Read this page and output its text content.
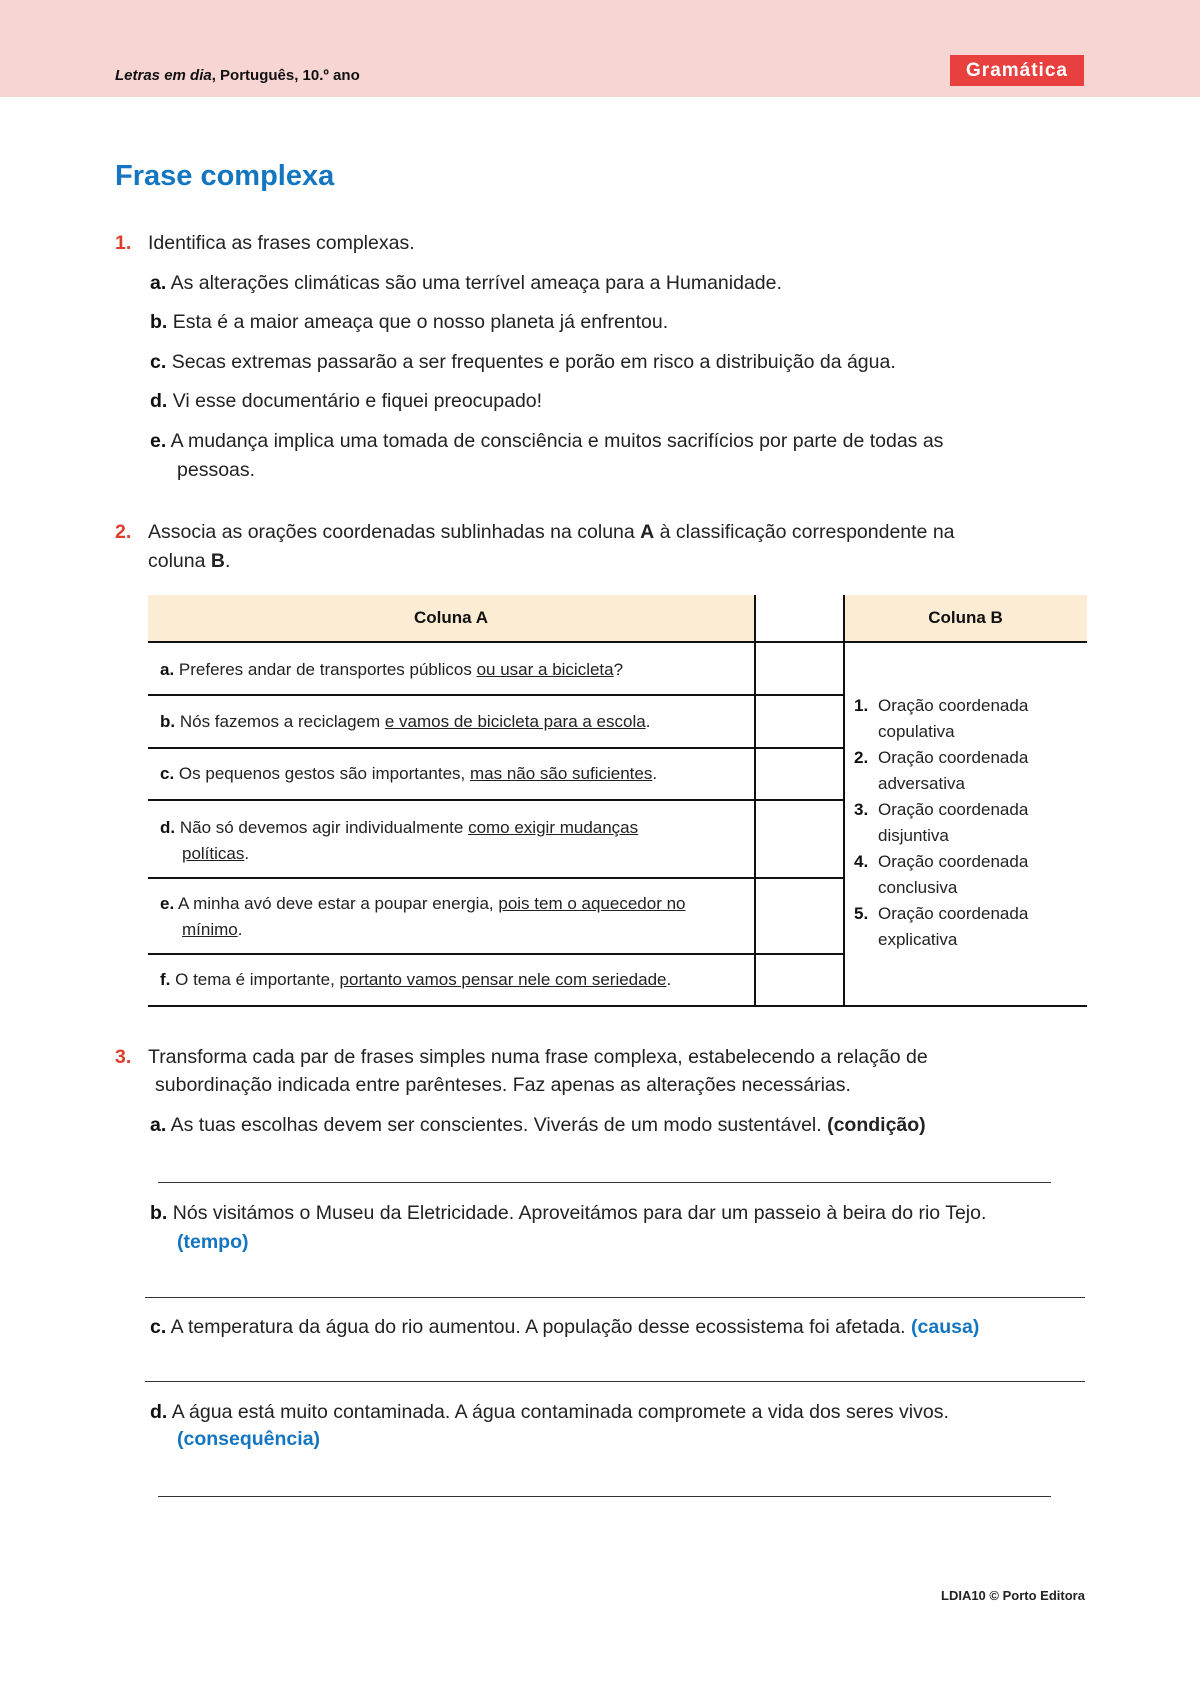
Letras em dia, Português, 10.º ano	Gramática
Frase complexa
1. Identifica as frases complexas.
a. As alterações climáticas são uma terrível ameaça para a Humanidade.
b. Esta é a maior ameaça que o nosso planeta já enfrentou.
c. Secas extremas passarão a ser frequentes e porão em risco a distribuição da água.
d. Vi esse documentário e fiquei preocupado!
e. A mudança implica uma tomada de consciência e muitos sacrifícios por parte de todas as
pessoas.
2. Associa as orações coordenadas sublinhadas na coluna A à classificação correspondente na
coluna B.
Coluna A	Coluna B
a. Preferes andar de transportes públicos ou usar a bicicleta?
b. Nós fazemos a reciclagem e vamos de bicicleta para a escola.
c. Os pequenos gestos são importantes, mas não são suficientes.
d. Não só devemos agir individualmente como exigir mudanças
políticas.
e. A minha avó deve estar a poupar energia, pois tem o aquecedor no
mínimo.
f. O tema é importante, portanto vamos pensar nele com seriedade.
1. Oração coordenada
copulativa
2. Oração coordenada
adversativa
3. Oração coordenada
disjuntiva
4. Oração coordenada
conclusiva
5. Oração coordenada
explicativa
3. Transforma cada par de frases simples numa frase complexa, estabelecendo a relação de
subordinação indicada entre parênteses. Faz apenas as alterações necessárias.
a. As tuas escolhas devem ser conscientes. Viverás de um modo sustentável. (condição)
b. Nós visitámos o Museu da Eletricidade. Aproveitámos para dar um passeio à beira do rio Tejo.
(tempo)
c. A temperatura da água do rio aumentou. A população desse ecossistema foi afetada. (causa)
d. A água está muito contaminada. A água contaminada compromete a vida dos seres vivos.
(consequência)
LDIA10 © Porto Editora
